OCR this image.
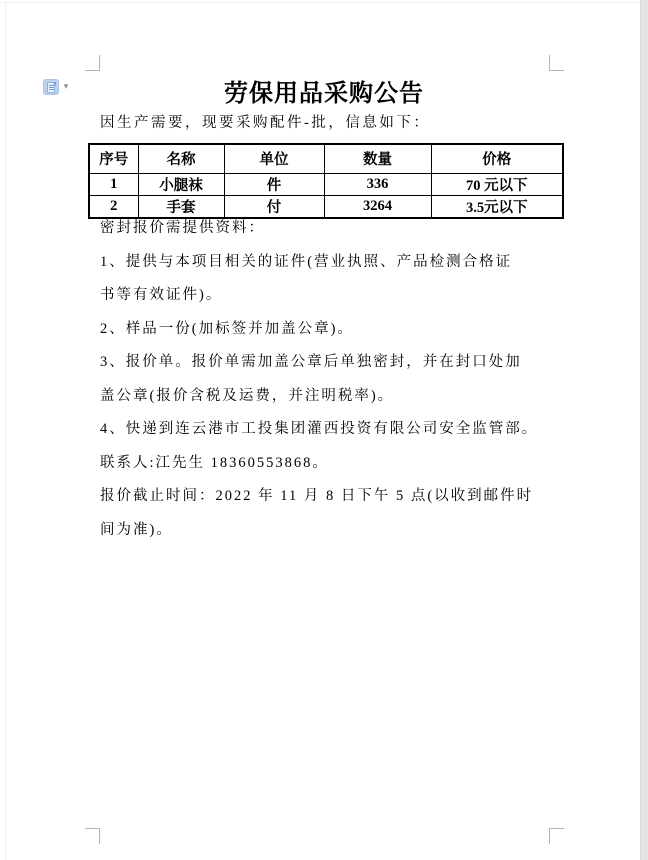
▾	劳保用品采购公告
因生产需要，现要采购配件-批，信息如下：
序号	名称	单位	数量	价格
1	小腿袜	件	336	70 元以下
2	手套	付	3264	3.5元以下

密封报价需提供资料：

1、提供与本项目相关的证件(营业执照、产品检测合格证
书等有效证件)。

2、样品一份(加标签并加盖公章)。

3、报价单。报价单需加盖公章后单独密封，并在封口处加
盖公章(报价含税及运费，并注明税率)。

4、快递到连云港市工投集团灌西投资有限公司安全监管部。

联系人:江先生 18360553868。

报价截止时间：2022 年 11 月 8 日下午 5 点(以收到邮件时
间为准)。
